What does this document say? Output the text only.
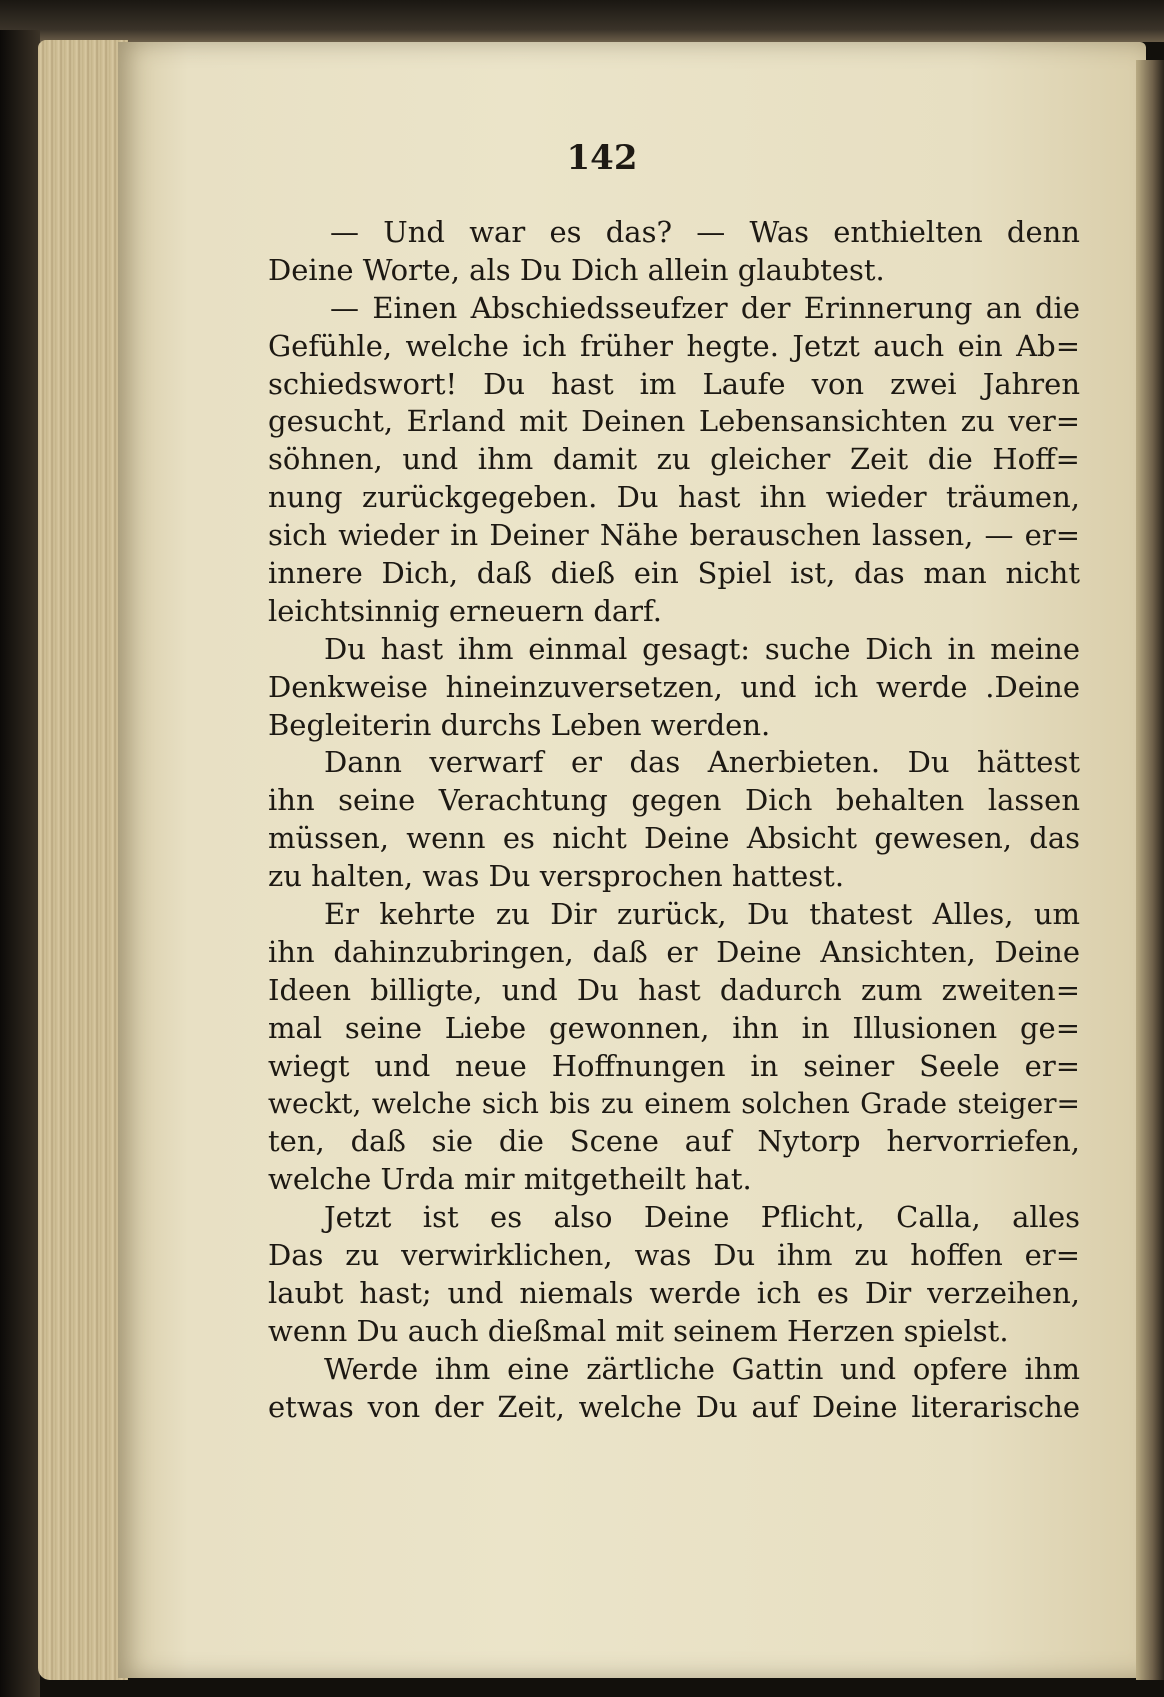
142
— Und war es das? — Was enthielten denn
Deine Worte, als Du Dich allein glaubtest.
— Einen Abschiedsseufzer der Erinnerung an die
Gefühle, welche ich früher hegte. Jetzt auch ein Ab=
schiedswort! Du hast im Laufe von zwei Jahren
gesucht, Erland mit Deinen Lebensansichten zu ver=
söhnen, und ihm damit zu gleicher Zeit die Hoff=
nung zurückgegeben. Du hast ihn wieder träumen,
sich wieder in Deiner Nähe berauschen lassen, — er=
innere Dich, daß dieß ein Spiel ist, das man nicht
leichtsinnig erneuern darf.
Du hast ihm einmal gesagt: suche Dich in meine
Denkweise hineinzuversetzen, und ich werde .Deine
Begleiterin durchs Leben werden.
Dann verwarf er das Anerbieten. Du hättest
ihn seine Verachtung gegen Dich behalten lassen
müssen, wenn es nicht Deine Absicht gewesen, das
zu halten, was Du versprochen hattest.
Er kehrte zu Dir zurück, Du thatest Alles, um
ihn dahinzubringen, daß er Deine Ansichten, Deine
Ideen billigte, und Du hast dadurch zum zweiten=
mal seine Liebe gewonnen, ihn in Illusionen ge=
wiegt und neue Hoffnungen in seiner Seele er=
weckt, welche sich bis zu einem solchen Grade steiger=
ten, daß sie die Scene auf Nytorp hervorriefen,
welche Urda mir mitgetheilt hat.
Jetzt ist es also Deine Pflicht, Calla, alles
Das zu verwirklichen, was Du ihm zu hoffen er=
laubt hast; und niemals werde ich es Dir verzeihen,
wenn Du auch dießmal mit seinem Herzen spielst.
Werde ihm eine zärtliche Gattin und opfere ihm
etwas von der Zeit, welche Du auf Deine literarische
